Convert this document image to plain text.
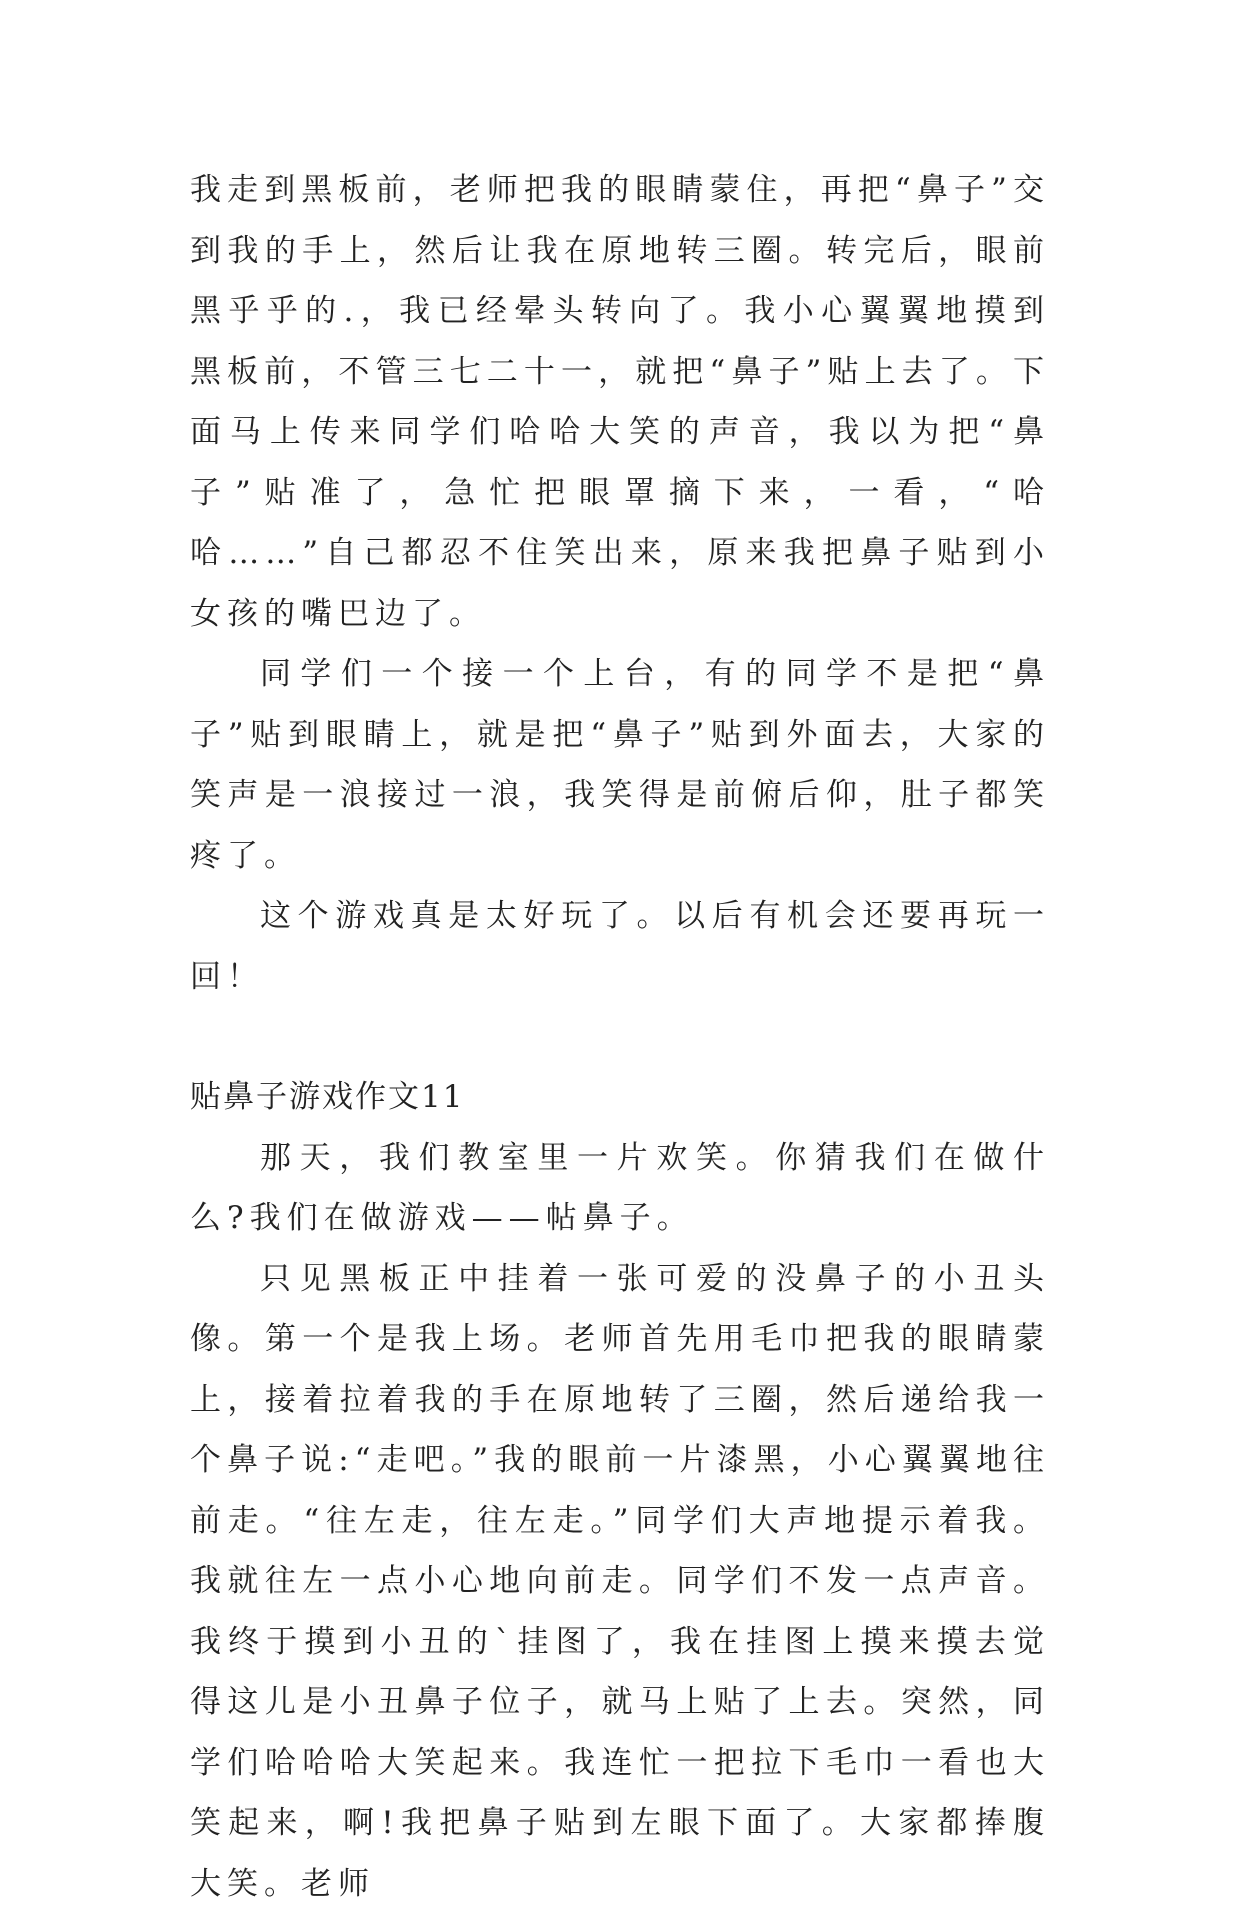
我走到黑板前，老师把我的眼睛蒙住，再把“鼻子”交到我的手上，然后让我在原地转三圈。转完后，眼前黑乎乎的.，我已经晕头转向了。我小心翼翼地摸到黑板前，不管三七二十一，就把“鼻子”贴上去了。下面马上传来同学们哈哈大笑的声音，我以为把“鼻子”贴准了，急忙把眼罩摘下来，一看，“哈哈……”自己都忍不住笑出来，原来我把鼻子贴到小女孩的嘴巴边了。

同学们一个接一个上台，有的同学不是把“鼻子”贴到眼睛上，就是把“鼻子”贴到外面去，大家的笑声是一浪接过一浪，我笑得是前俯后仰，肚子都笑疼了。

这个游戏真是太好玩了。以后有机会还要再玩一回！

贴鼻子游戏作文11

那天，我们教室里一片欢笑。你猜我们在做什么?我们在做游戏——帖鼻子。

只见黑板正中挂着一张可爱的没鼻子的小丑头像。第一个是我上场。老师首先用毛巾把我的眼睛蒙上，接着拉着我的手在原地转了三圈，然后递给我一个鼻子说:“走吧。”我的眼前一片漆黑，小心翼翼地往前走。“往左走，往左走。”同学们大声地提示着我。我就往左一点小心地向前走。同学们不发一点声音。我终于摸到小丑的`挂图了，我在挂图上摸来摸去觉得这儿是小丑鼻子位子，就马上贴了上去。突然，同学们哈哈哈大笑起来。我连忙一把拉下毛巾一看也大笑起来，啊!我把鼻子贴到左眼下面了。大家都捧腹大笑。老师
